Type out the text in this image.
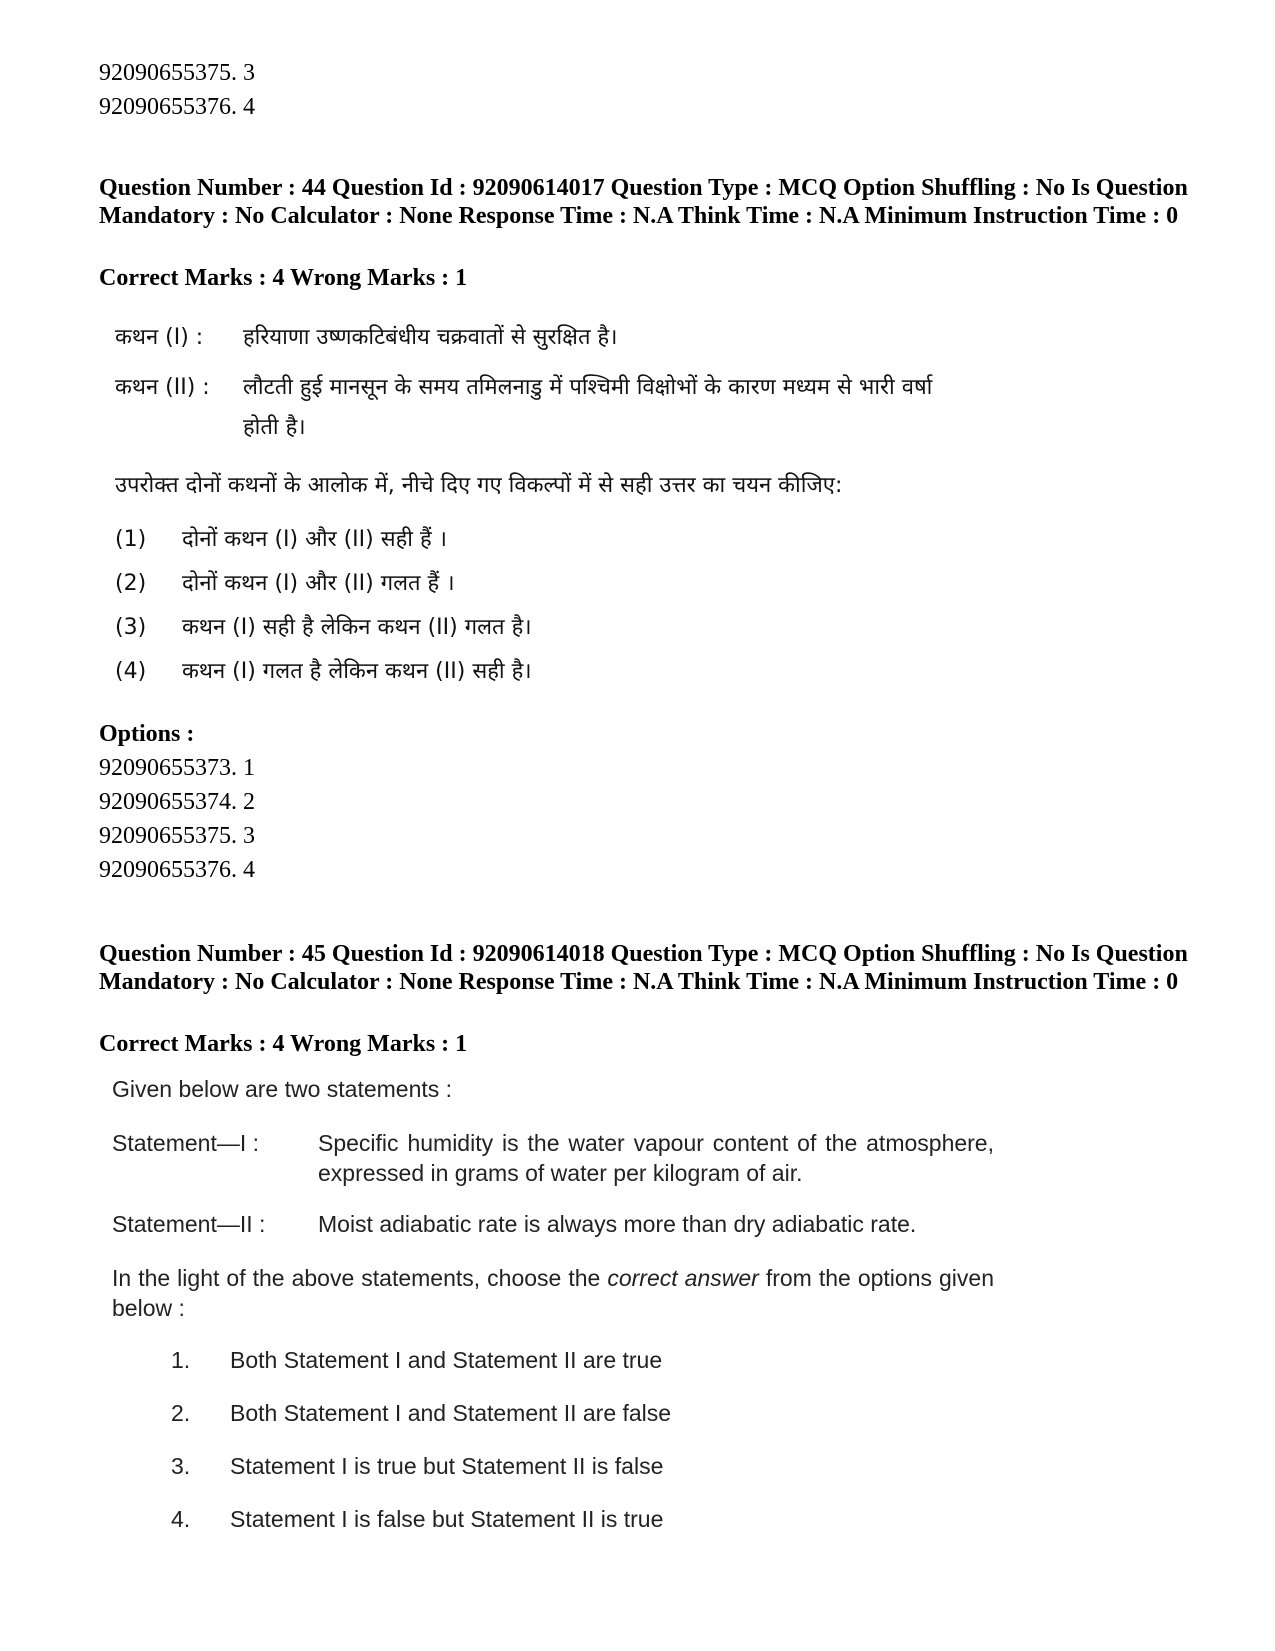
92090655375. 3
92090655376. 4
Question Number : 44 Question Id : 92090614017 Question Type : MCQ Option Shuffling : No Is Question Mandatory : No Calculator : None Response Time : N.A Think Time : N.A Minimum Instruction Time : 0
Correct Marks : 4 Wrong Marks : 1
कथन (I) : हरियाणा उष्णकटिबंधीय चक्रवातों से सुरक्षित है।
कथन (II) : लौटती हुई मानसून के समय तमिलनाडु में पश्चिमी विक्षोभों के कारण मध्यम से भारी वर्षा
होती है।
उपरोक्त दोनों कथनों के आलोक में, नीचे दिए गए विकल्पों में से सही उत्तर का चयन कीजिए:
(1) दोनों कथन (I) और (II) सही हैं ।
(2) दोनों कथन (I) और (II) गलत हैं ।
(3) कथन (I) सही है लेकिन कथन (II) गलत है।
(4) कथन (I) गलत है लेकिन कथन (II) सही है।
Options :
92090655373. 1
92090655374. 2
92090655375. 3
92090655376. 4
Question Number : 45 Question Id : 92090614018 Question Type : MCQ Option Shuffling : No Is Question Mandatory : No Calculator : None Response Time : N.A Think Time : N.A Minimum Instruction Time : 0
Correct Marks : 4 Wrong Marks : 1
Given below are two statements :
Statement—I :	Specific humidity is the water vapour content of the atmosphere, expressed in grams of water per kilogram of air.
Statement—II : Moist adiabatic rate is always more than dry adiabatic rate.
In the light of the above statements, choose the correct answer from the options given below :
1. Both Statement I and Statement II are true
2. Both Statement I and Statement II are false
3. Statement I is true but Statement II is false
4. Statement I is false but Statement II is true
